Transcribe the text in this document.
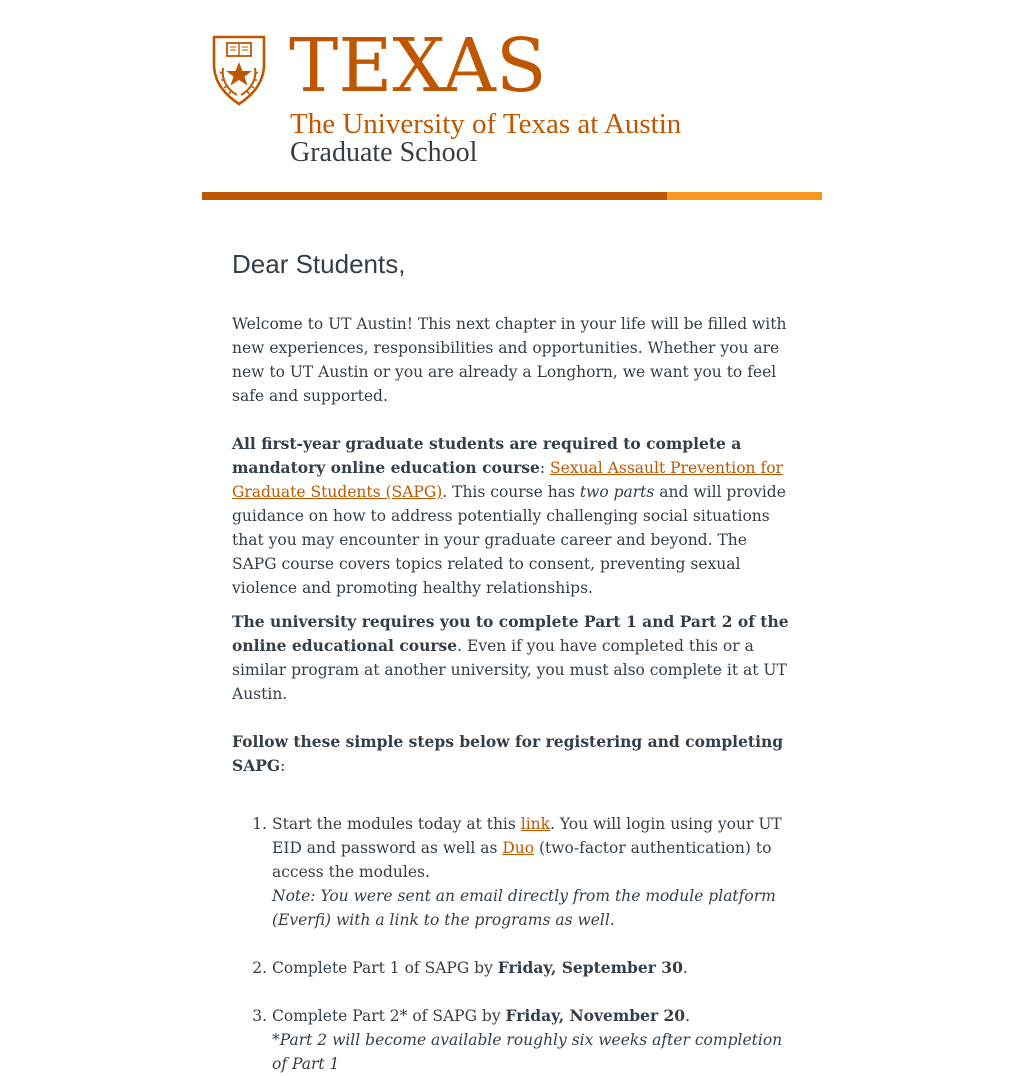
TEXAS
The University of Texas at Austin
Graduate School
Dear Students,

Welcome to UT Austin! This next chapter in your life will be filled with new experiences, responsibilities and opportunities. Whether you are new to UT Austin or you are already a Longhorn, we want you to feel safe and supported.

All first-year graduate students are required to complete a mandatory online education course: Sexual Assault Prevention for Graduate Students (SAPG). This course has two parts and will provide guidance on how to address potentially challenging social situations that you may encounter in your graduate career and beyond. The SAPG course covers topics related to consent, preventing sexual violence and promoting healthy relationships.

The university requires you to complete Part 1 and Part 2 of the online educational course. Even if you have completed this or a similar program at another university, you must also complete it at UT Austin.

Follow these simple steps below for registering and completing SAPG:

1. Start the modules today at this link. You will login using your UT EID and password as well as Duo (two-factor authentication) to access the modules.
Note: You were sent an email directly from the module platform (Everfi) with a link to the programs as well.
2. Complete Part 1 of SAPG by Friday, September 30.
3. Complete Part 2* of SAPG by Friday, November 20.
*Part 2 will become available roughly six weeks after completion of Part 1
